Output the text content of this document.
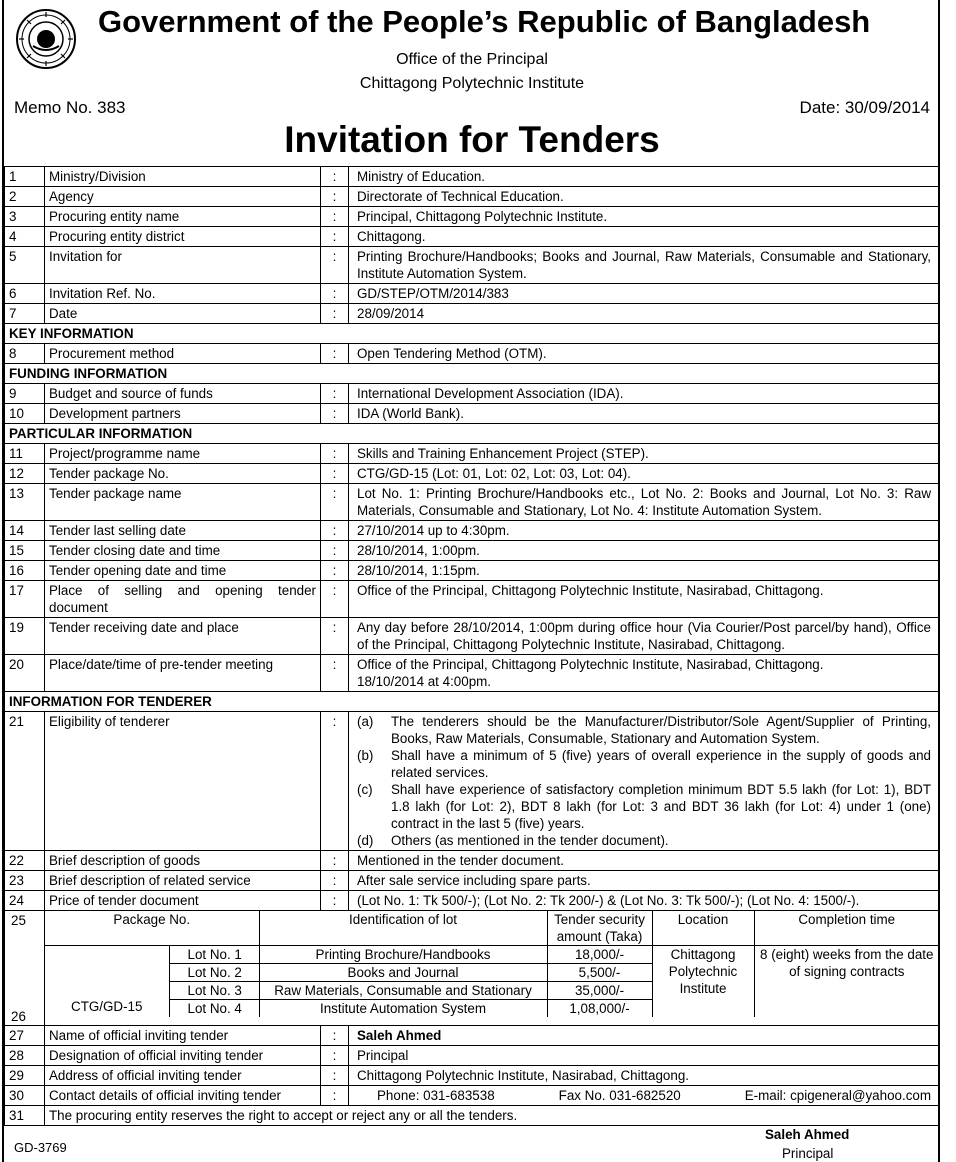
Government of the People’s Republic of Bangladesh
Office of the Principal
Chittagong Polytechnic Institute
Memo No. 383	Date: 30/09/2014
Invitation for Tenders
1	Ministry/Division	:	Ministry of Education.
2	Agency	:	Directorate of Technical Education.
3	Procuring entity name	:	Principal, Chittagong Polytechnic Institute.
4	Procuring entity district	:	Chittagong.
5	Invitation for	:	Printing Brochure/Handbooks; Books and Journal, Raw Materials, Consumable and Stationary, Institute Automation System.
6	Invitation Ref. No.	:	GD/STEP/OTM/2014/383
7	Date	:	28/09/2014
KEY INFORMATION
8	Procurement method	:	Open Tendering Method (OTM).
FUNDING INFORMATION
9	Budget and source of funds	:	International Development Association (IDA).
10	Development partners	:	IDA (World Bank).
PARTICULAR INFORMATION
11	Project/programme name	:	Skills and Training Enhancement Project (STEP).
12	Tender package No.	:	CTG/GD-15 (Lot: 01, Lot: 02, Lot: 03, Lot: 04).
13	Tender package name	:	Lot No. 1: Printing Brochure/Handbooks etc., Lot No. 2: Books and Journal, Lot No. 3: Raw Materials, Consumable and Stationary, Lot No. 4: Institute Automation System.
14	Tender last selling date	:	27/10/2014 up to 4:30pm.
15	Tender closing date and time	:	28/10/2014, 1:00pm.
16	Tender opening date and time	:	28/10/2014, 1:15pm.
17	Place of selling and opening tender document	:	Office of the Principal, Chittagong Polytechnic Institute, Nasirabad, Chittagong.
19	Tender receiving date and place	:	Any day before 28/10/2014, 1:00pm during office hour (Via Courier/Post parcel/by hand), Office of the Principal, Chittagong Polytechnic Institute, Nasirabad, Chittagong.
20	Place/date/time of pre-tender meeting	:	Office of the Principal, Chittagong Polytechnic Institute, Nasirabad, Chittagong.
18/10/2014 at 4:00pm.

INFORMATION FOR TENDERER
21	Eligibility of tenderer	:	(a)	The tenderers should be the Manufacturer/Distributor/Sole Agent/Supplier of Printing, Books, Raw Materials, Consumable, Stationary and Automation System.
(b)	Shall have a minimum of 5 (five) years of overall experience in the supply of goods and related services.
(c)	Shall have experience of satisfactory completion minimum BDT 5.5 lakh (for Lot: 1), BDT 1.8 lakh (for Lot: 2), BDT 8 lakh (for Lot: 3 and BDT 36 lakh (for Lot: 4) under 1 (one) contract in the last 5 (five) years.
(d)	Others (as mentioned in the tender document).

22	Brief description of goods	:	Mentioned in the tender document.
23	Brief description of related service	:	After sale service including spare parts.
24	Price of tender document	:	(Lot No. 1: Tk 500/-); (Lot No. 2: Tk 200/-) & (Lot No. 3: Tk 500/-); (Lot No. 4: 1500/-).
25
26

Package No.	Identification of lot	Tender security amount (Taka)	Location	Completion time
CTG/GD-15	Lot No. 1	Printing Brochure/Handbooks	18,000/-	Chittagong Polytechnic Institute	8 (eight) weeks from the date of signing contracts
Lot No. 2	Books and Journal	5,500/-
Lot No. 3	Raw Materials, Consumable and Stationary	35,000/-
Lot No. 4	Institute Automation System	1,08,000/-

27	Name of official inviting tender	:	Saleh Ahmed
28	Designation of official inviting tender	:	Principal
29	Address of official inviting tender	:	Chittagong Polytechnic Institute, Nasirabad, Chittagong.
30	Contact details of official inviting tender	:	Phone: 031-683538	Fax No. 031-682520	E-mail: cpigeneral@yahoo.com

31	The procuring entity reserves the right to accept or reject any or all the tenders.
GD-3769
Saleh Ahmed
Principal
